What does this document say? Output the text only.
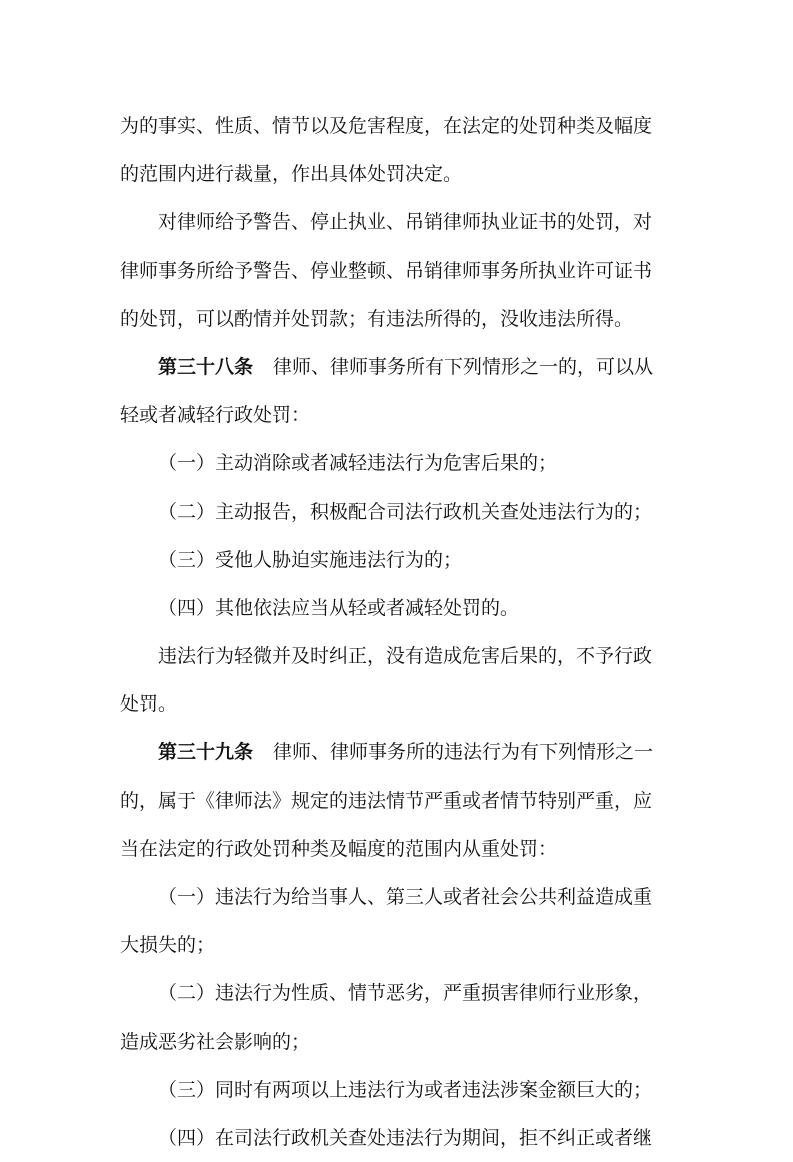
为的事实、性质、情节以及危害程度，在法定的处罚种类及幅度
的范围内进行裁量，作出具体处罚决定。
对律师给予警告、停止执业、吊销律师执业证书的处罚，对
律师事务所给予警告、停业整顿、吊销律师事务所执业许可证书
的处罚，可以酌情并处罚款；有违法所得的，没收违法所得。
第三十八条 律师、律师事务所有下列情形之一的，可以从
轻或者减轻行政处罚：
（一）主动消除或者减轻违法行为危害后果的；
（二）主动报告，积极配合司法行政机关查处违法行为的；
（三）受他人胁迫实施违法行为的；
（四）其他依法应当从轻或者减轻处罚的。
违法行为轻微并及时纠正，没有造成危害后果的，不予行政
处罚。
第三十九条 律师、律师事务所的违法行为有下列情形之一
的，属于《律师法》规定的违法情节严重或者情节特别严重，应
当在法定的行政处罚种类及幅度的范围内从重处罚：
（一）违法行为给当事人、第三人或者社会公共利益造成重
大损失的；
（二）违法行为性质、情节恶劣，严重损害律师行业形象，
造成恶劣社会影响的；
（三）同时有两项以上违法行为或者违法涉案金额巨大的；
（四）在司法行政机关查处违法行为期间，拒不纠正或者继
